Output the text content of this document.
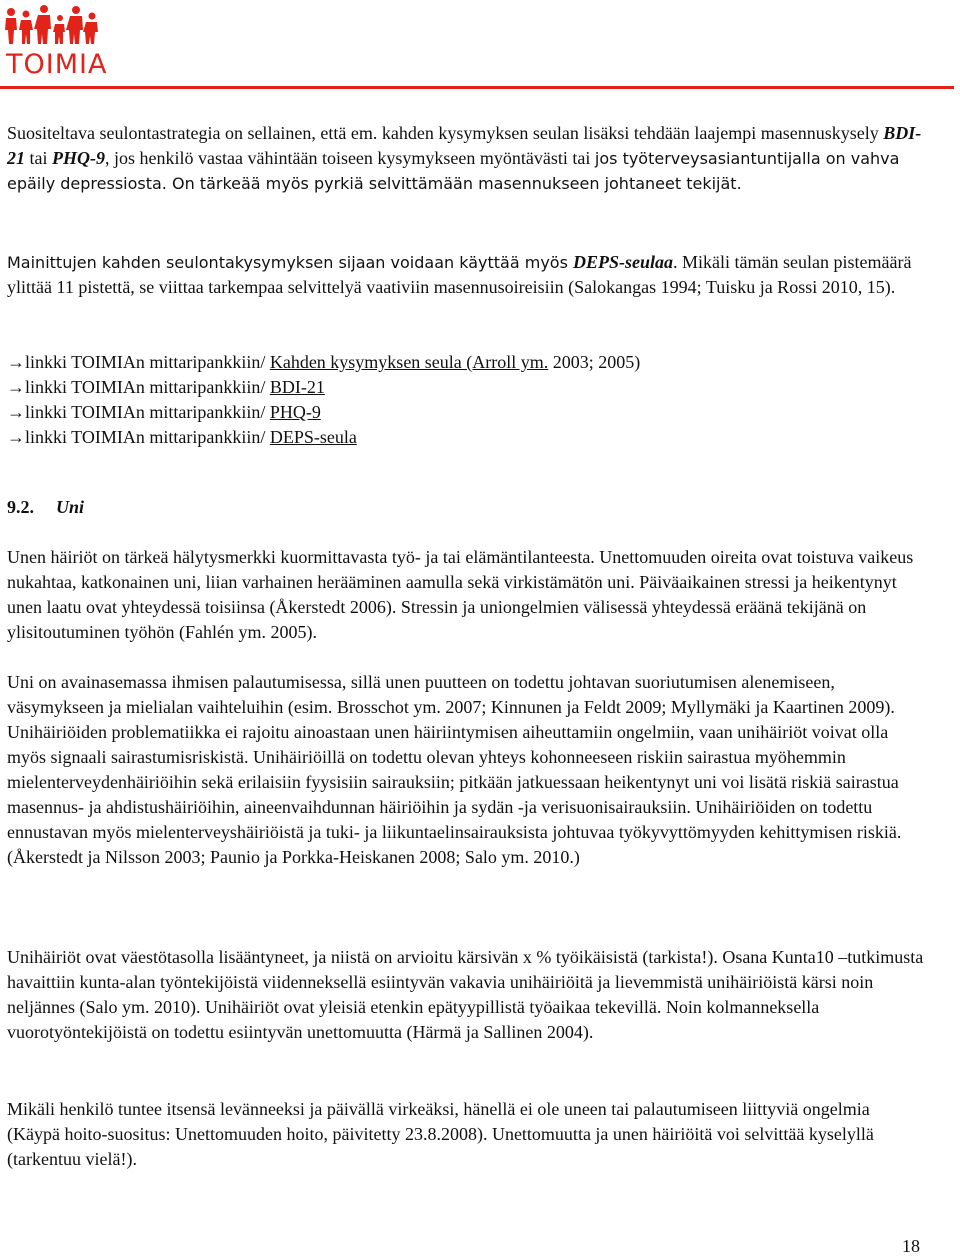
TOIMIA
Suositeltava seulontastrategia on sellainen, että em. kahden kysymyksen seulan lisäksi tehdään laajempi masennuskysely BDI-21 tai PHQ-9, jos henkilö vastaa vähintään toiseen kysymykseen myöntävästi tai jos työterveysasiantuntijalla on vahva epäily depressiosta. On tärkeää myös pyrkiä selvittämään masennukseen johtaneet tekijät.
Mainittujen kahden seulontakysymyksen sijaan voidaan käyttää myös DEPS-seulaa. Mikäli tämän seulan pistemäärä ylittää 11 pistettä, se viittaa tarkempaa selvittelyä vaativiin masennusoireisiin (Salokangas 1994; Tuisku ja Rossi 2010, 15).
→linkki TOIMIAn mittaripankkiin/ Kahden kysymyksen seula (Arroll ym. 2003; 2005)
→linkki TOIMIAn mittaripankkiin/ BDI-21
→linkki TOIMIAn mittaripankkiin/ PHQ-9
→linkki TOIMIAn mittaripankkiin/ DEPS-seula
9.2. Uni
Unen häiriöt on tärkeä hälytysmerkki kuormittavasta työ- ja tai elämäntilanteesta. Unettomuuden oireita ovat toistuva vaikeus nukahtaa, katkonainen uni, liian varhainen herääminen aamulla sekä virkistämätön uni. Päiväaikainen stressi ja heikentynyt unen laatu ovat yhteydessä toisiinsa (Åkerstedt 2006). Stressin ja uniongelmien välisessä yhteydessä eräänä tekijänä on ylisitoutuminen työhön (Fahlén ym. 2005).
Uni on avainasemassa ihmisen palautumisessa, sillä unen puutteen on todettu johtavan suoriutumisen alenemiseen, väsymykseen ja mielialan vaihteluihin (esim. Brosschot ym. 2007; Kinnunen ja Feldt 2009; Myllymäki ja Kaartinen 2009). Unihäiriöiden problematiikka ei rajoitu ainoastaan unen häiriintymisen aiheuttamiin ongelmiin, vaan unihäiriöt voivat olla myös signaali sairastumisriskistä. Unihäiriöillä on todettu olevan yhteys kohonneeseen riskiin sairastua myöhemmin mielenterveydenhäiriöihin sekä erilaisiin fyysisiin sairauksiin; pitkään jatkuessaan heikentynyt uni voi lisätä riskiä sairastua masennus- ja ahdistushäiriöihin, aineenvaihdunnan häiriöihin ja sydän -ja verisuonisairauksiin. Unihäiriöiden on todettu ennustavan myös mielenterveyshäiriöistä ja tuki- ja liikuntaelinsairauksista johtuvaa työkyvyttömyyden kehittymisen riskiä. (Åkerstedt ja Nilsson 2003; Paunio ja Porkka-Heiskanen 2008; Salo ym. 2010.)
Unihäiriöt ovat väestötasolla lisääntyneet, ja niistä on arvioitu kärsivän x % työikäisistä (tarkista!). Osana Kunta10 –tutkimusta havaittiin kunta-alan työntekijöistä viidenneksellä esiintyvän vakavia unihäiriöitä ja lievemmistä unihäiriöistä kärsi noin neljännes (Salo ym. 2010). Unihäiriöt ovat yleisiä etenkin epätyypillistä työaikaa tekevillä. Noin kolmanneksella vuorotyöntekijöistä on todettu esiintyvän unettomuutta (Härmä ja Sallinen 2004).
Mikäli henkilö tuntee itsensä levänneeksi ja päivällä virkeäksi, hänellä ei ole uneen tai palautumiseen liittyviä ongelmia (Käypä hoito-suositus: Unettomuuden hoito, päivitetty 23.8.2008). Unettomuutta ja unen häiriöitä voi selvittää kyselyllä (tarkentuu vielä!).
18
